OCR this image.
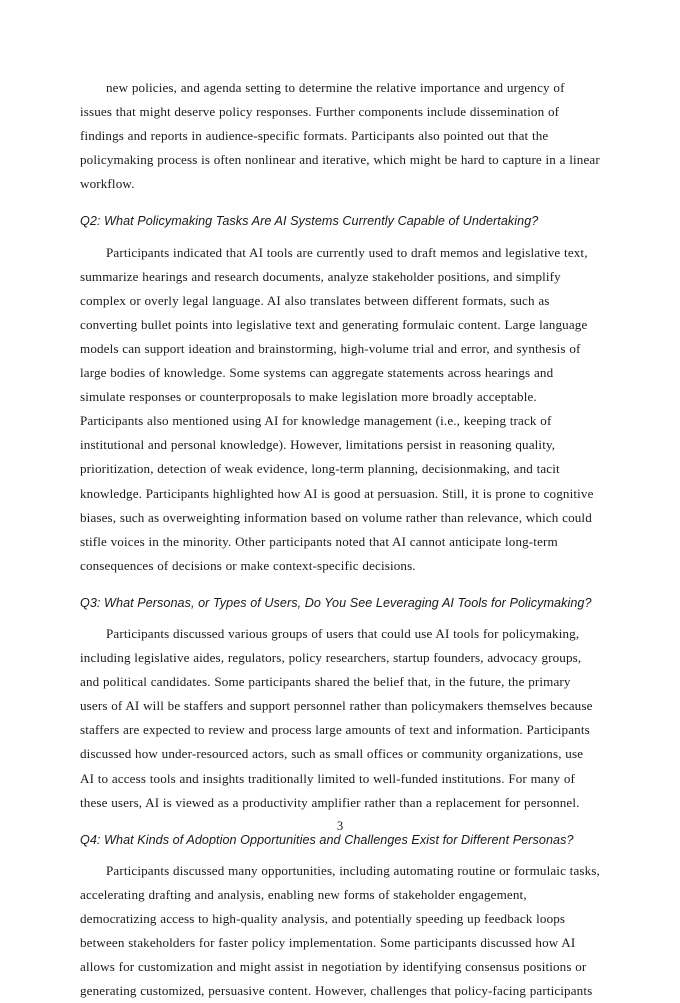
new policies, and agenda setting to determine the relative importance and urgency of issues that might deserve policy responses. Further components include dissemination of findings and reports in audience-specific formats. Participants also pointed out that the policymaking process is often nonlinear and iterative, which might be hard to capture in a linear workflow.

Q2: What Policymaking Tasks Are AI Systems Currently Capable of Undertaking?

Participants indicated that AI tools are currently used to draft memos and legislative text, summarize hearings and research documents, analyze stakeholder positions, and simplify complex or overly legal language. AI also translates between different formats, such as converting bullet points into legislative text and generating formulaic content. Large language models can support ideation and brainstorming, high-volume trial and error, and synthesis of large bodies of knowledge. Some systems can aggregate statements across hearings and simulate responses or counterproposals to make legislation more broadly acceptable. Participants also mentioned using AI for knowledge management (i.e., keeping track of institutional and personal knowledge). However, limitations persist in reasoning quality, prioritization, detection of weak evidence, long-term planning, decisionmaking, and tacit knowledge. Participants highlighted how AI is good at persuasion. Still, it is prone to cognitive biases, such as overweighting information based on volume rather than relevance, which could stifle voices in the minority. Other participants noted that AI cannot anticipate long-term consequences of decisions or make context-specific decisions.

Q3: What Personas, or Types of Users, Do You See Leveraging AI Tools for Policymaking?

Participants discussed various groups of users that could use AI tools for policymaking, including legislative aides, regulators, policy researchers, startup founders, advocacy groups, and political candidates. Some participants shared the belief that, in the future, the primary users of AI will be staffers and support personnel rather than policymakers themselves because staffers are expected to review and process large amounts of text and information. Participants discussed how under-resourced actors, such as small offices or community organizations, use AI to access tools and insights traditionally limited to well-funded institutions. For many of these users, AI is viewed as a productivity amplifier rather than a replacement for personnel.

Q4: What Kinds of Adoption Opportunities and Challenges Exist for Different Personas?

Participants discussed many opportunities, including automating routine or formulaic tasks, accelerating drafting and analysis, enabling new forms of stakeholder engagement, democratizing access to high-quality analysis, and potentially speeding up feedback loops between stakeholders for faster policy implementation. Some participants discussed how AI allows for customization and might assist in negotiation by identifying consensus positions or generating customized, persuasive content. However, challenges that policy-facing participants

3
